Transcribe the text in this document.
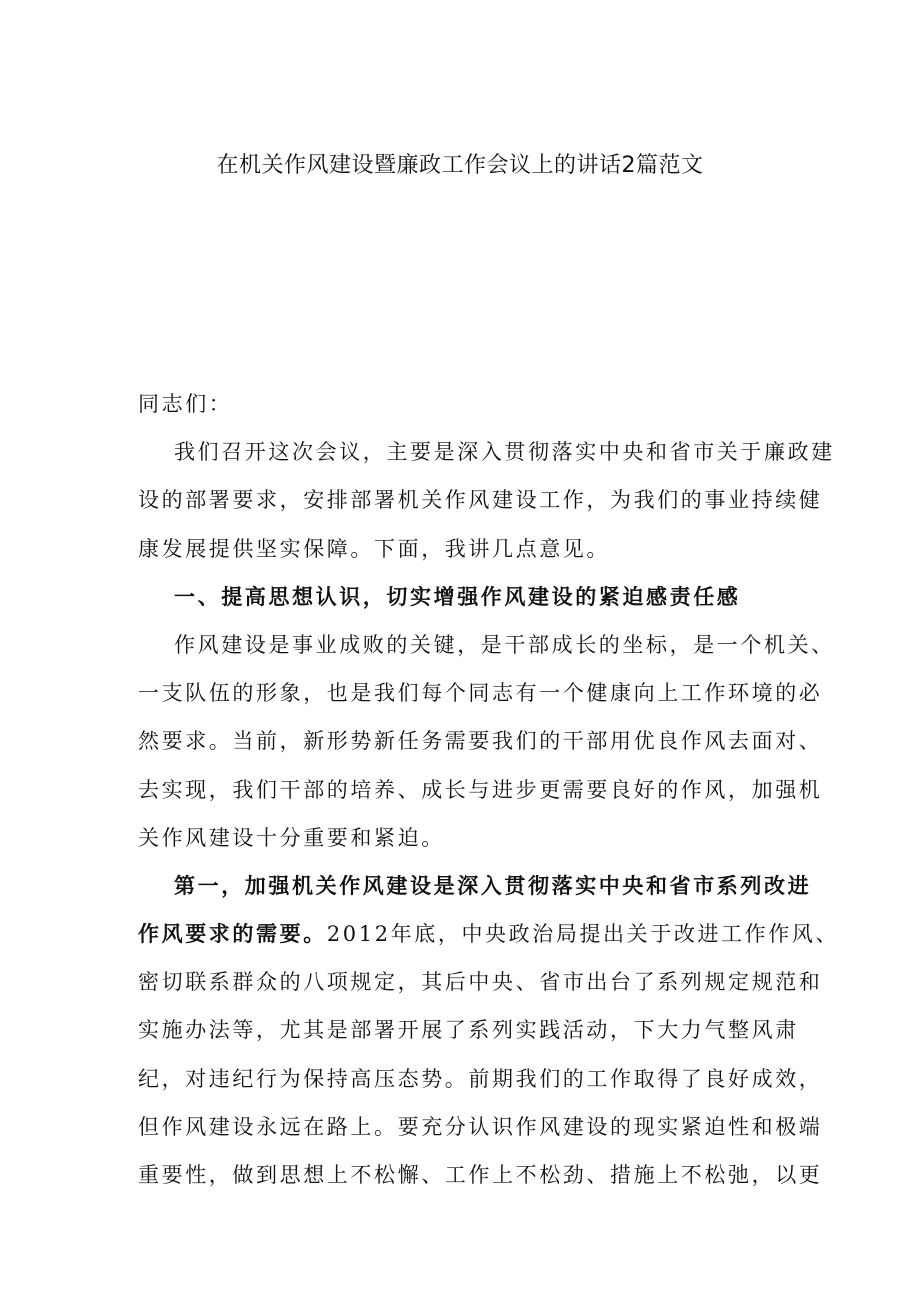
在机关作风建设暨廉政工作会议上的讲话2篇范文
同志们：
我们召开这次会议，主要是深入贯彻落实中央和省市关于廉政建
设的部署要求，安排部署机关作风建设工作，为我们的事业持续健
康发展提供坚实保障。下面，我讲几点意见。
一、提高思想认识，切实增强作风建设的紧迫感责任感
作风建设是事业成败的关键，是干部成长的坐标，是一个机关、
一支队伍的形象，也是我们每个同志有一个健康向上工作环境的必
然要求。当前，新形势新任务需要我们的干部用优良作风去面对、
去实现，我们干部的培养、成长与进步更需要良好的作风，加强机
关作风建设十分重要和紧迫。
第一，加强机关作风建设是深入贯彻落实中央和省市系列改进
作风要求的需要。2012年底，中央政治局提出关于改进工作作风、
密切联系群众的八项规定，其后中央、省市出台了系列规定规范和
实施办法等，尤其是部署开展了系列实践活动，下大力气整风肃
纪，对违纪行为保持高压态势。前期我们的工作取得了良好成效，
但作风建设永远在路上。要充分认识作风建设的现实紧迫性和极端
重要性，做到思想上不松懈、工作上不松劲、措施上不松弛，以更
